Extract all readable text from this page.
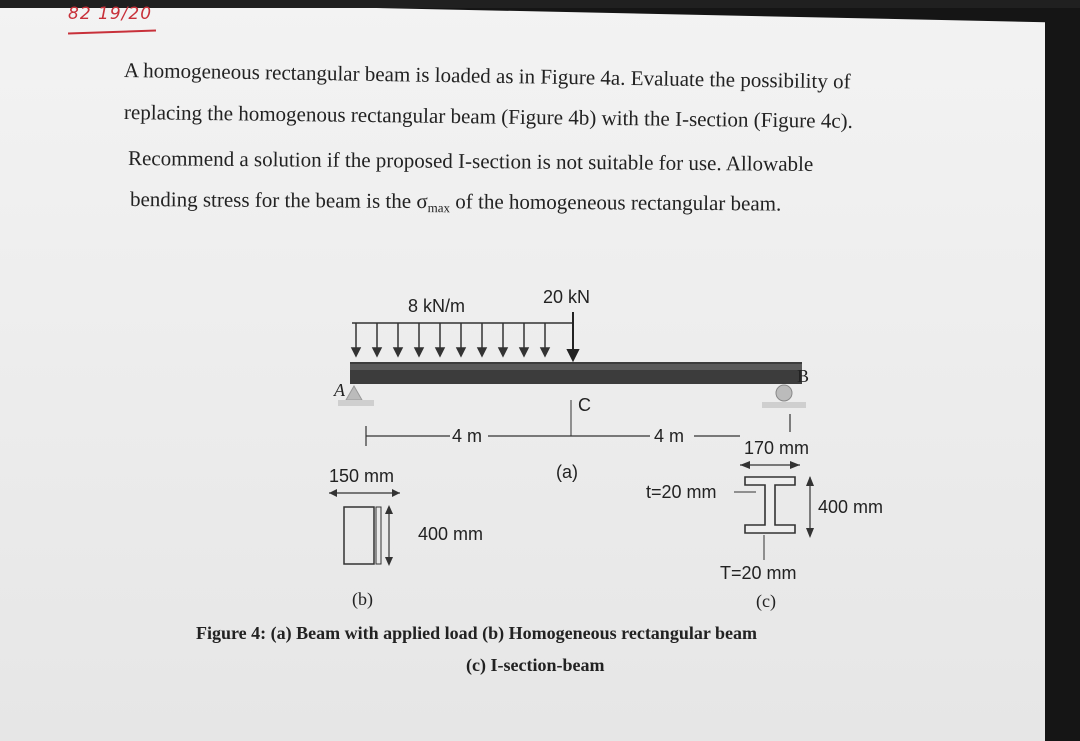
82 19/20
A homogeneous rectangular beam is loaded as in Figure 4a. Evaluate the possibility of
replacing the homogenous rectangular beam (Figure 4b) with the I-section (Figure 4c).
Recommend a solution if the proposed I-section is not suitable for use. Allowable
bending stress for the beam is the $\sigma_{max}$ of the homogeneous rectangular beam.
8 kN/m	20 kN
A
B
C
4 m	4 m
(a)
150 mm
400 mm
(b)
170 mm
t=20 mm
400 mm
T=20 mm
(c)
Figure 4: (a) Beam with applied load (b) Homogeneous rectangular beam
(c) I-section-beam
